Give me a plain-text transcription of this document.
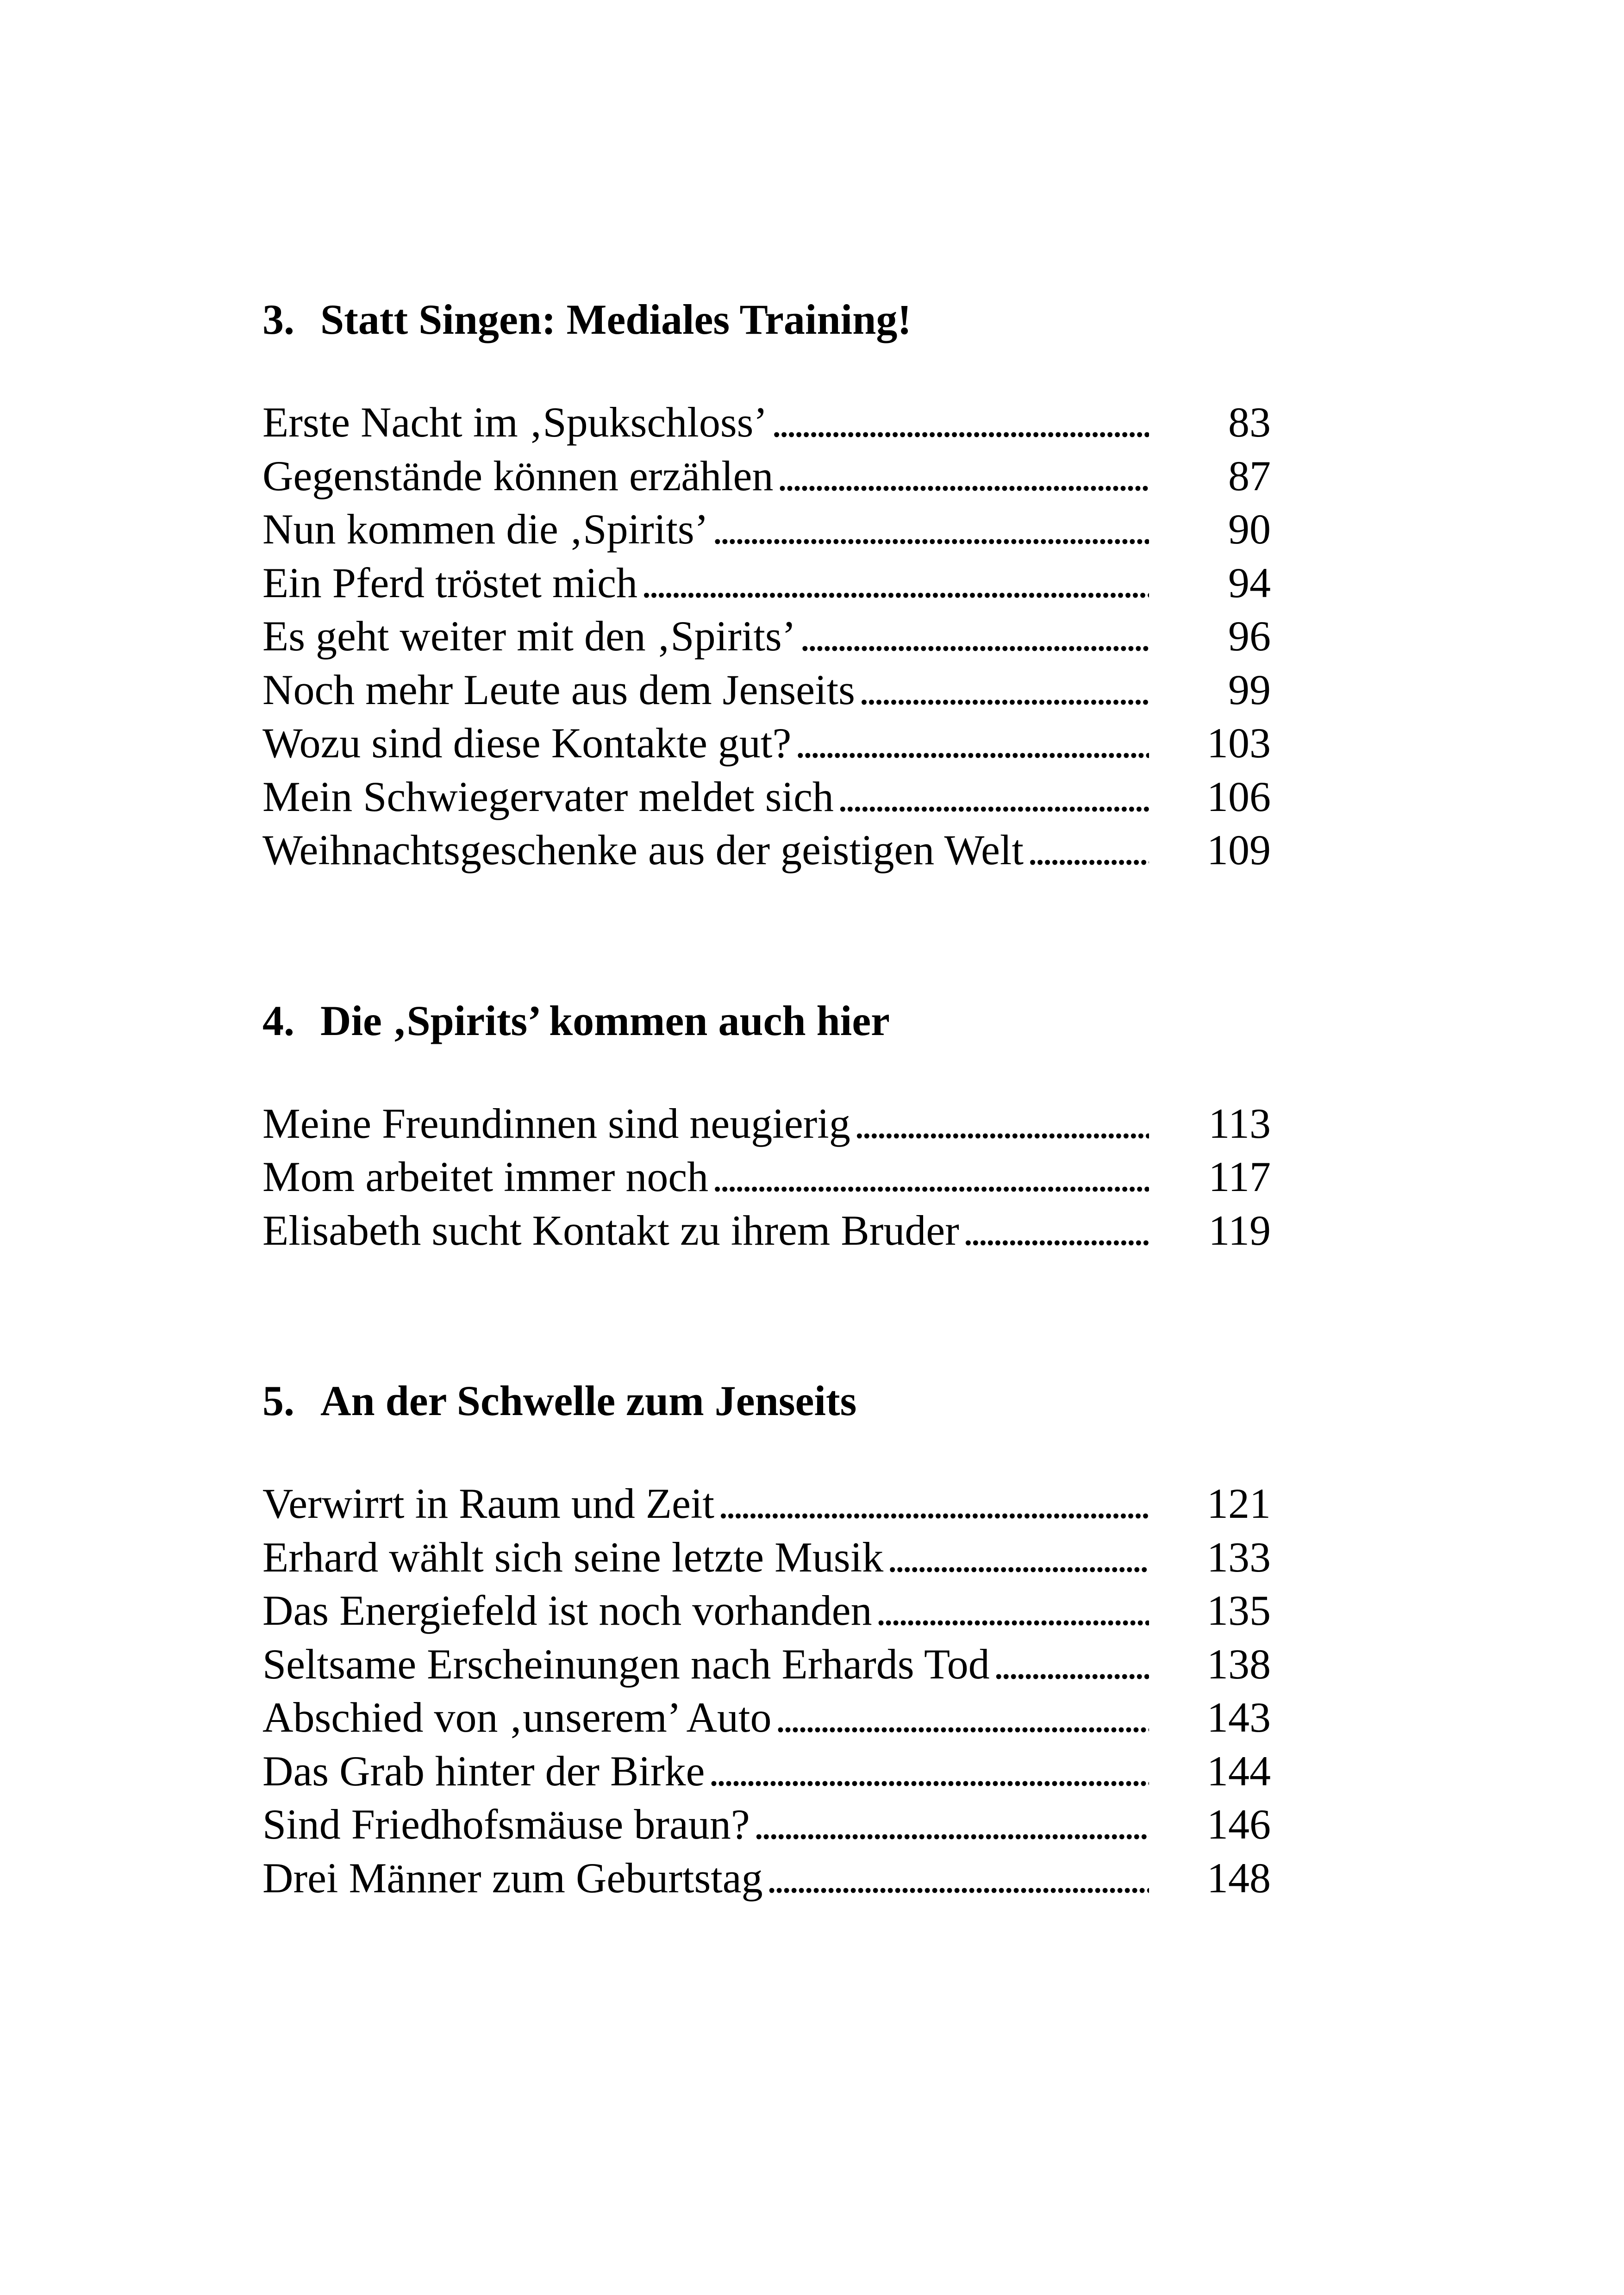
3. Statt Singen: Mediales Training!
Erste Nacht im ‚Spukschloss’ . . .	83
Gegenstände können erzählen . . .	87
Nun kommen die ‚Spirits’ . . .	90
Ein Pferd tröstet mich . . .	94
Es geht weiter mit den ‚Spirits’ . . .	96
Noch mehr Leute aus dem Jenseits . . .	99
Wozu sind diese Kontakte gut? . . .	103
Mein Schwiegervater meldet sich . . .	106
Weihnachtsgeschenke aus der geistigen Welt . . .	109
4. Die ‚Spirits’ kommen auch hier
Meine Freundinnen sind neugierig . . .	113
Mom arbeitet immer noch . . .	117
Elisabeth sucht Kontakt zu ihrem Bruder . . .	119
5. An der Schwelle zum Jenseits
Verwirrt in Raum und Zeit . . .	121
Erhard wählt sich seine letzte Musik . . .	133
Das Energiefeld ist noch vorhanden . . .	135
Seltsame Erscheinungen nach Erhards Tod . . .	138
Abschied von ‚unserem’ Auto . . .	143
Das Grab hinter der Birke . . .	144
Sind Friedhofsmäuse braun? . . .	146
Drei Männer zum Geburtstag . . .	148
